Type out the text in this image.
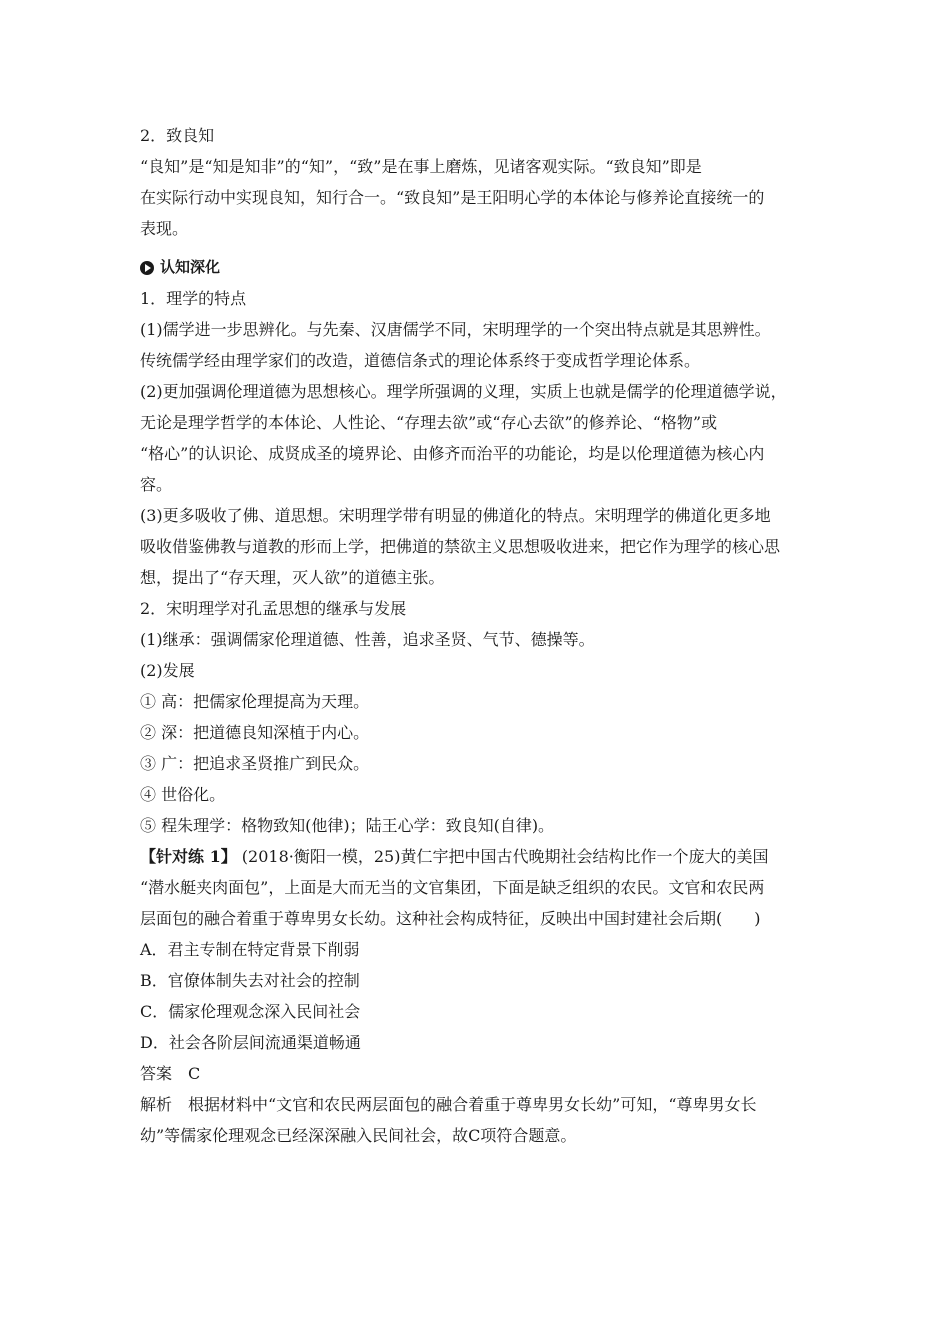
2．致良知
“良知”是“知是知非”的“知”，“致”是在事上磨炼，见诸客观实际。“致良知”即是
在实际行动中实现良知，知行合一。“致良知”是王阳明心学的本体论与修养论直接统一的
表现。
认知深化
1．理学的特点
(1)儒学进一步思辨化。与先秦、汉唐儒学不同，宋明理学的一个突出特点就是其思辨性。
传统儒学经由理学家们的改造，道德信条式的理论体系终于变成哲学理论体系。
(2)更加强调伦理道德为思想核心。理学所强调的义理，实质上也就是儒学的伦理道德学说，
无论是理学哲学的本体论、人性论、“存理去欲”或“存心去欲”的修养论、“格物”或
“格心”的认识论、成贤成圣的境界论、由修齐而治平的功能论，均是以伦理道德为核心内
容。
(3)更多吸收了佛、道思想。宋明理学带有明显的佛道化的特点。宋明理学的佛道化更多地
吸收借鉴佛教与道教的形而上学，把佛道的禁欲主义思想吸收进来，把它作为理学的核心思
想，提出了“存天理，灭人欲”的道德主张。
2．宋明理学对孔孟思想的继承与发展
(1)继承：强调儒家伦理道德、性善，追求圣贤、气节、德操等。
(2)发展
① 高：把儒家伦理提高为天理。
② 深：把道德良知深植于内心。
③ 广：把追求圣贤推广到民众。
④ 世俗化。
⑤ 程朱理学：格物致知(他律)；陆王心学：致良知(自律)。
【针对练 1】 (2018·衡阳一模，25)黄仁宇把中国古代晚期社会结构比作一个庞大的美国
“潜水艇夹肉面包”，上面是大而无当的文官集团，下面是缺乏组织的农民。文官和农民两
层面包的融合着重于尊卑男女长幼。这种社会构成特征，反映出中国封建社会后期(　　)
A．君主专制在特定背景下削弱
B．官僚体制失去对社会的控制
C．儒家伦理观念深入民间社会
D．社会各阶层间流通渠道畅通
答案　C
解析　根据材料中“文官和农民两层面包的融合着重于尊卑男女长幼”可知，“尊卑男女长
幼”等儒家伦理观念已经深深融入民间社会，故C项符合题意。
